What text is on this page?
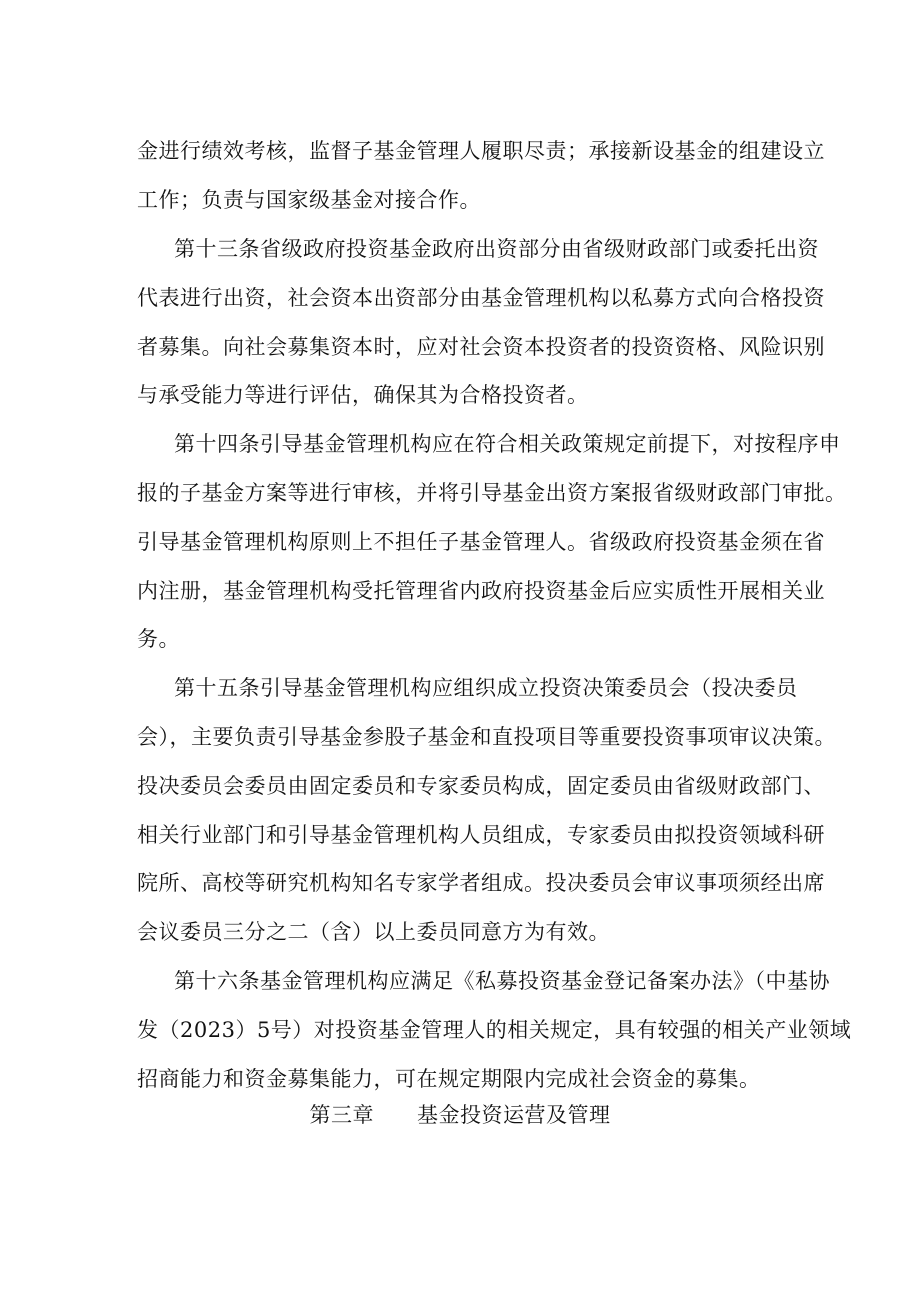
金进行绩效考核，监督子基金管理人履职尽责；承接新设基金的组建设立
工作；负责与国家级基金对接合作。
第十三条省级政府投资基金政府出资部分由省级财政部门或委托出资
代表进行出资，社会资本出资部分由基金管理机构以私募方式向合格投资
者募集。向社会募集资本时，应对社会资本投资者的投资资格、风险识别
与承受能力等进行评估，确保其为合格投资者。
第十四条引导基金管理机构应在符合相关政策规定前提下，对按程序申
报的子基金方案等进行审核，并将引导基金出资方案报省级财政部门审批。
引导基金管理机构原则上不担任子基金管理人。省级政府投资基金须在省
内注册，基金管理机构受托管理省内政府投资基金后应实质性开展相关业
务。
第十五条引导基金管理机构应组织成立投资决策委员会（投决委员
会），主要负责引导基金参股子基金和直投项目等重要投资事项审议决策。
投决委员会委员由固定委员和专家委员构成，固定委员由省级财政部门、
相关行业部门和引导基金管理机构人员组成，专家委员由拟投资领域科研
院所、高校等研究机构知名专家学者组成。投决委员会审议事项须经出席
会议委员三分之二（含）以上委员同意方为有效。
第十六条基金管理机构应满足《私募投资基金登记备案办法》（中基协
发（2023）5号）对投资基金管理人的相关规定，具有较强的相关产业领域
招商能力和资金募集能力，可在规定期限内完成社会资金的募集。
第三章　　基金投资运营及管理
